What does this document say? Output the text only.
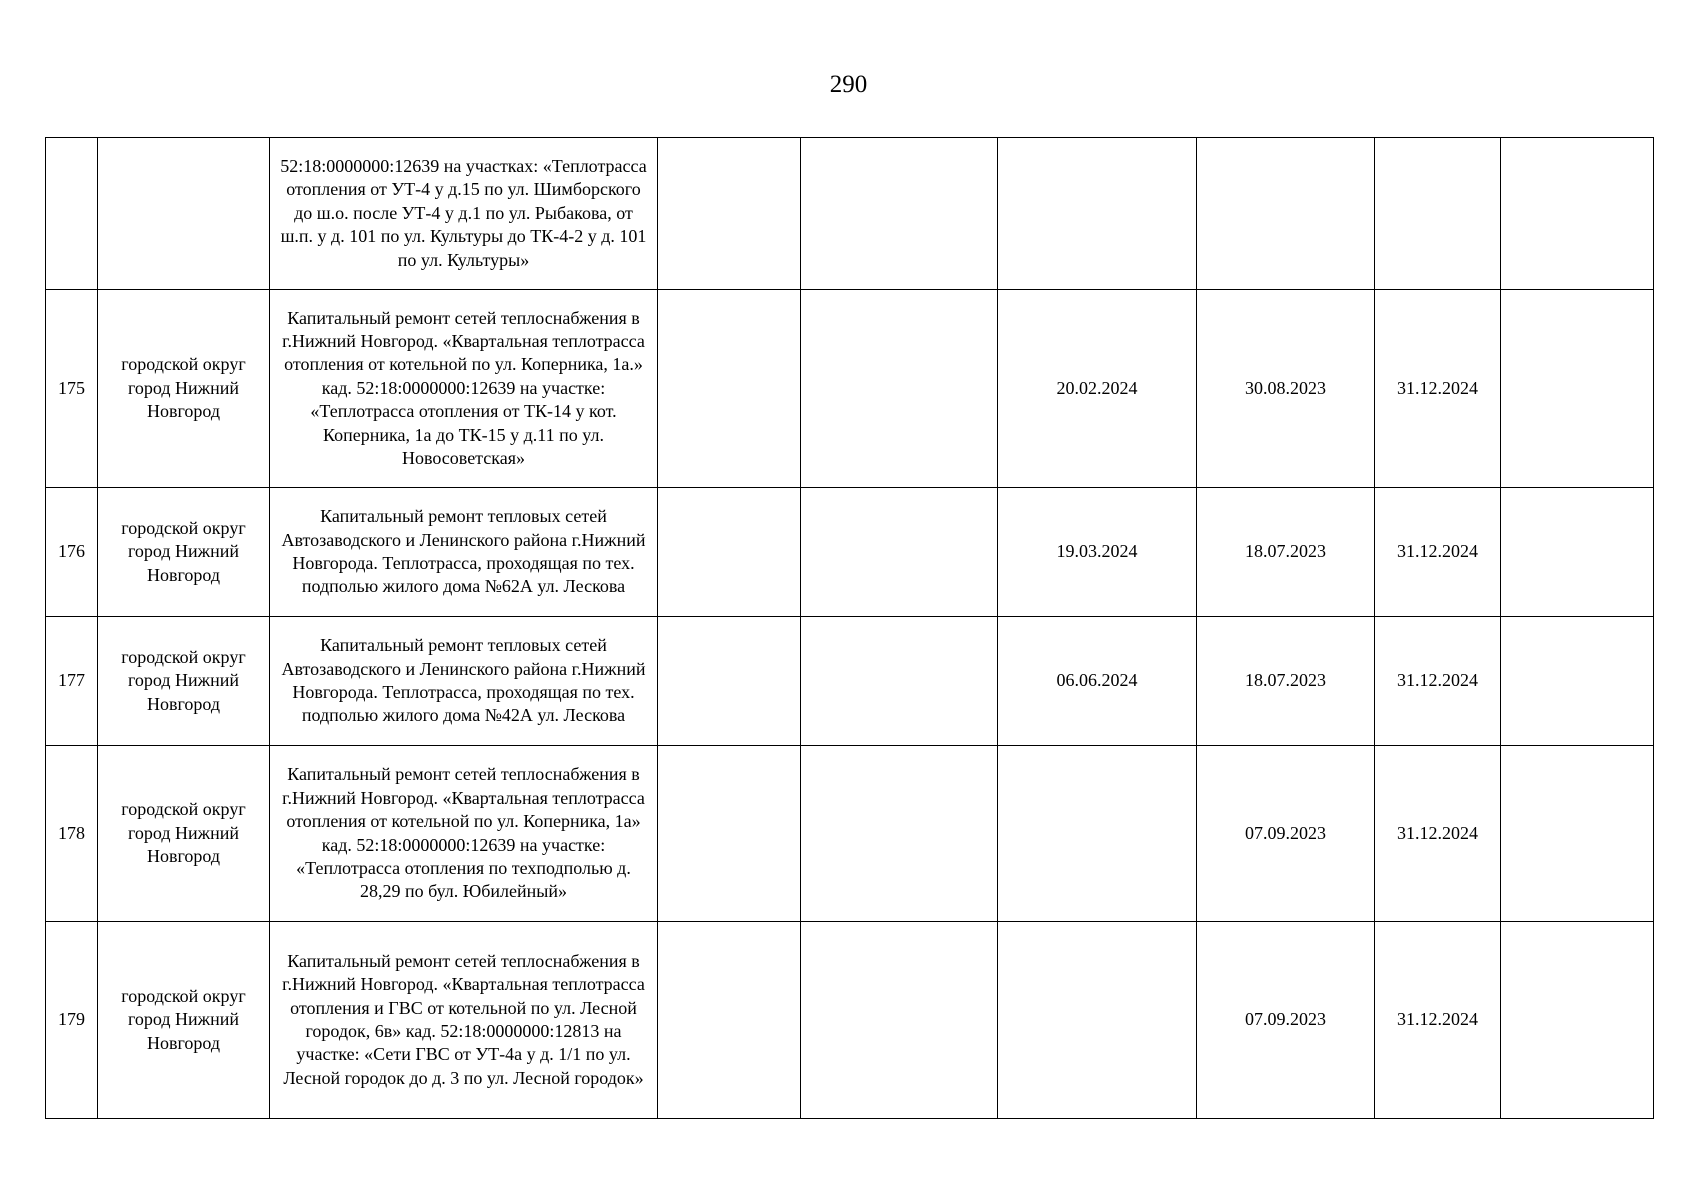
290
		52:18:0000000:12639 на участках: «Теплотрасса отопления от УТ-4 у д.15 по ул. Шимборского до ш.о. после УТ-4 у д.1 по ул. Рыбакова, от ш.п. у д. 101 по ул. Культуры до ТК-4-2 у д. 101 по ул. Культуры»						
175	городской округ город Нижний Новгород	Капитальный ремонт сетей теплоснабжения в г.Нижний Новгород. «Квартальная теплотрасса отопления от котельной по ул. Коперника, 1а.» кад. 52:18:0000000:12639 на участке: «Теплотрасса отопления от ТК-14 у кот. Коперника, 1а до ТК-15 у д.11 по ул. Новосоветская»			20.02.2024	30.08.2023	31.12.2024	
176	городской округ город Нижний Новгород	Капитальный ремонт тепловых сетей Автозаводского и Ленинского района г.Нижний Новгорода. Теплотрасса, проходящая по тех. подполью жилого дома №62А ул. Лескова			19.03.2024	18.07.2023	31.12.2024	
177	городской округ город Нижний Новгород	Капитальный ремонт тепловых сетей Автозаводского и Ленинского района г.Нижний Новгорода. Теплотрасса, проходящая по тех. подполью жилого дома №42А ул. Лескова			06.06.2024	18.07.2023	31.12.2024	
178	городской округ город Нижний Новгород	Капитальный ремонт сетей теплоснабжения в г.Нижний Новгород. «Квартальная теплотрасса отопления от котельной по ул. Коперника, 1а» кад. 52:18:0000000:12639 на участке: «Теплотрасса отопления по техподполью д. 28,29 по бул. Юбилейный»				07.09.2023	31.12.2024	
179	городской округ город Нижний Новгород	Капитальный ремонт сетей теплоснабжения в г.Нижний Новгород. «Квартальная теплотрасса отопления и ГВС от котельной по ул. Лесной городок, 6в» кад. 52:18:0000000:12813 на участке: «Сети ГВС от УТ-4а у д. 1/1 по ул. Лесной городок до д. 3 по ул. Лесной городок»				07.09.2023	31.12.2024	
